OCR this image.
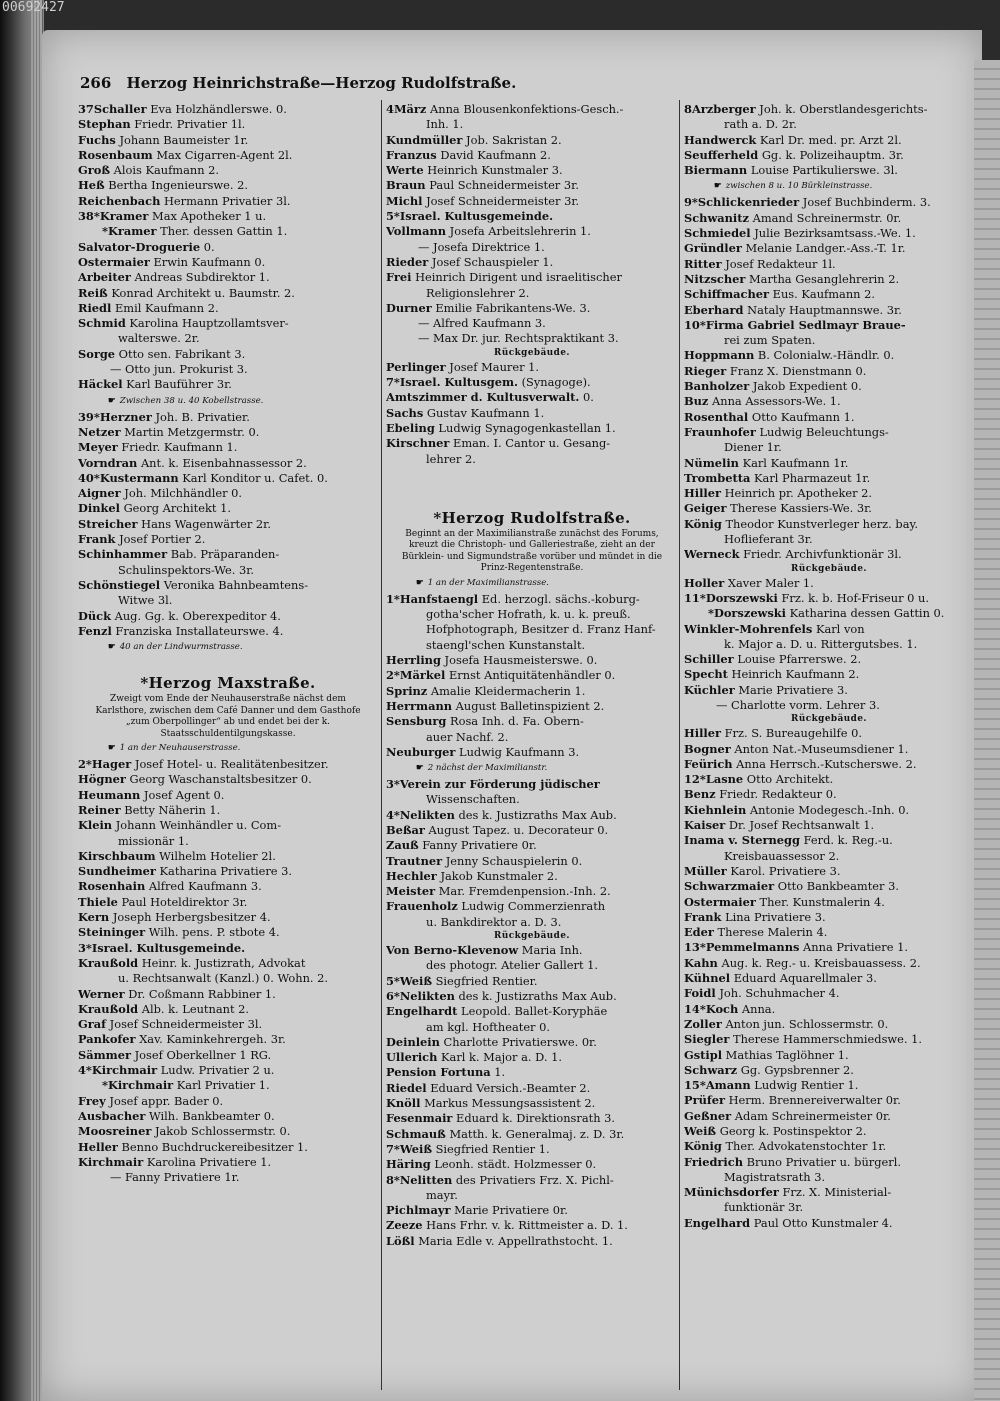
00692427
266 Herzog Heinrichstraße—Herzog Rudolfstraße.
37Schaller Eva Holzhändlerswe. 0.
Stephan Friedr. Privatier 1l.
Fuchs Johann Baumeister 1r.
Rosenbaum Max Cigarren-Agent 2l.
Groß Alois Kaufmann 2.
Heß Bertha Ingenieurswe. 2.
Reichenbach Hermann Privatier 3l.
38*Kramer Max Apotheker 1 u.
*Kramer Ther. dessen Gattin 1.
Salvator-Droguerie 0.
Ostermaier Erwin Kaufmann 0.
Arbeiter Andreas Subdirektor 1.
Reiß Konrad Architekt u. Baumstr. 2.
Riedl Emil Kaufmann 2.
Schmid Karolina Hauptzollamtsver-
walterswe. 2r.
Sorge Otto sen. Fabrikant 3.
— Otto jun. Prokurist 3.
Häckel Karl Bauführer 3r.
☛ Zwischen 38 u. 40 Kobellstrasse.
39*Herzner Joh. B. Privatier.
Netzer Martin Metzgermstr. 0.
Meyer Friedr. Kaufmann 1.
Vorndran Ant. k. Eisenbahnassessor 2.
40*Kustermann Karl Konditor u. Cafet. 0.
Aigner Joh. Milchhändler 0.
Dinkel Georg Architekt 1.
Streicher Hans Wagenwärter 2r.
Frank Josef Portier 2.
Schinhammer Bab. Präparanden-
Schulinspektors-We. 3r.
Schönstiegel Veronika Bahnbeamtens-
Witwe 3l.
Dück Aug. Gg. k. Oberexpeditor 4.
Fenzl Franziska Installateurswe. 4.
☛ 40 an der Lindwurmstrasse.
*Herzog Maxstraße.
Zweigt vom Ende der Neuhauserstraße nächst dem Karlsthore, zwischen dem Café Danner und dem Gasthofe „zum Oberpollinger“ ab und endet bei der k. Staatsschuldentilgungskasse.
☛ 1 an der Neuhauserstrasse.
2*Hager Josef Hotel- u. Realitätenbesitzer.
Högner Georg Waschanstaltsbesitzer 0.
Heumann Josef Agent 0.
Reiner Betty Näherin 1.
Klein Johann Weinhändler u. Com-
missionär 1.
Kirschbaum Wilhelm Hotelier 2l.
Sundheimer Katharina Privatiere 3.
Rosenhain Alfred Kaufmann 3.
Thiele Paul Hoteldirektor 3r.
Kern Joseph Herbergsbesitzer 4.
Steininger Wilh. pens. P. stbote 4.
3*Israel. Kultusgemeinde.
Kraußold Heinr. k. Justizrath, Advokat
u. Rechtsanwalt (Kanzl.) 0. Wohn. 2.
Werner Dr. Coßmann Rabbiner 1.
Kraußold Alb. k. Leutnant 2.
Graf Josef Schneidermeister 3l.
Pankofer Xav. Kaminkehrergeh. 3r.
Sämmer Josef Oberkellner 1 RG.
4*Kirchmair Ludw. Privatier 2 u.
*Kirchmair Karl Privatier 1.
Frey Josef appr. Bader 0.
Ausbacher Wilh. Bankbeamter 0.
Moosreiner Jakob Schlossermstr. 0.
Heller Benno Buchdruckereibesitzer 1.
Kirchmair Karolina Privatiere 1.
— Fanny Privatiere 1r.
4März Anna Blousenkonfektions-Gesch.-
Inh. 1.
Kundmüller Job. Sakristan 2.
Franzus David Kaufmann 2.
Werte Heinrich Kunstmaler 3.
Braun Paul Schneidermeister 3r.
Michl Josef Schneidermeister 3r.
5*Israel. Kultusgemeinde.
Vollmann Josefa Arbeitslehrerin 1.
— Josefa Direktrice 1.
Rieder Josef Schauspieler 1.
Frei Heinrich Dirigent und israelitischer
Religionslehrer 2.
Durner Emilie Fabrikantens-We. 3.
— Alfred Kaufmann 3.
— Max Dr. jur. Rechtspraktikant 3.
Rückgebäude.
Perlinger Josef Maurer 1.
7*Israel. Kultusgem. (Synagoge).
Amtszimmer d. Kultusverwalt. 0.
Sachs Gustav Kaufmann 1.
Ebeling Ludwig Synagogenkastellan 1.
Kirschner Eman. I. Cantor u. Gesang-
lehrer 2.
*Herzog Rudolfstraße.
Beginnt an der Maximilianstraße zunächst des Forums, kreuzt die Christoph- und Galleriestraße, zieht an der Bürklein- und Sigmundstraße vorüber und mündet in die Prinz-Regentenstraße.
☛ 1 an der Maximilianstrasse.
1*Hanfstaengl Ed. herzogl. sächs.-koburg-
gotha'scher Hofrath, k. u. k. preuß.
Hofphotograph, Besitzer d. Franz Hanf-
staengl'schen Kunstanstalt.
Herrling Josefa Hausmeisterswe. 0.
2*Märkel Ernst Antiquitätenhändler 0.
Sprinz Amalie Kleidermacherin 1.
Herrmann August Balletinspizient 2.
Sensburg Rosa Inh. d. Fa. Obern-
auer Nachf. 2.
Neuburger Ludwig Kaufmann 3.
☛ 2 nächst der Maximilianstr.
3*Verein zur Förderung jüdischer
Wissenschaften.
4*Nelikten des k. Justizraths Max Aub.
Beßar August Tapez. u. Decorateur 0.
Zauß Fanny Privatiere 0r.
Trautner Jenny Schauspielerin 0.
Hechler Jakob Kunstmaler 2.
Meister Mar. Fremdenpension.-Inh. 2.
Frauenholz Ludwig Commerzienrath
u. Bankdirektor a. D. 3.
Rückgebäude.
Von Berno-Klevenow Maria Inh.
des photogr. Atelier Gallert 1.
5*Weiß Siegfried Rentier.
6*Nelikten des k. Justizraths Max Aub.
Engelhardt Leopold. Ballet-Koryphäe
am kgl. Hoftheater 0.
Deinlein Charlotte Privatierswe. 0r.
Ullerich Karl k. Major a. D. 1.
Pension Fortuna 1.
Riedel Eduard Versich.-Beamter 2.
Knöll Markus Messungsassistent 2.
Fesenmair Eduard k. Direktionsrath 3.
Schmauß Matth. k. Generalmaj. z. D. 3r.
7*Weiß Siegfried Rentier 1.
Häring Leonh. städt. Holzmesser 0.
8*Nelitten des Privatiers Frz. X. Pichl-
mayr.
Pichlmayr Marie Privatiere 0r.
Zeeze Hans Frhr. v. k. Rittmeister a. D. 1.
Lößl Maria Edle v. Appellrathstocht. 1.
8Arzberger Joh. k. Oberstlandesgerichts-
rath a. D. 2r.
Handwerck Karl Dr. med. pr. Arzt 2l.
Seufferheld Gg. k. Polizeihauptm. 3r.
Biermann Louise Partikulierswe. 3l.
☛ zwischen 8 u. 10 Bürkleinstrasse.
9*Schlickenrieder Josef Buchbinderm. 3.
Schwanitz Amand Schreinermstr. 0r.
Schmiedel Julie Bezirksamtsass.-We. 1.
Gründler Melanie Landger.-Ass.-T. 1r.
Ritter Josef Redakteur 1l.
Nitzscher Martha Gesanglehrerin 2.
Schiffmacher Eus. Kaufmann 2.
Eberhard Nataly Hauptmannswe. 3r.
10*Firma Gabriel Sedlmayr Braue-
rei zum Spaten.
Hoppmann B. Colonialw.-Händlr. 0.
Rieger Franz X. Dienstmann 0.
Banholzer Jakob Expedient 0.
Buz Anna Assessors-We. 1.
Rosenthal Otto Kaufmann 1.
Fraunhofer Ludwig Beleuchtungs-
Diener 1r.
Nümelin Karl Kaufmann 1r.
Trombetta Karl Pharmazeut 1r.
Hiller Heinrich pr. Apotheker 2.
Geiger Therese Kassiers-We. 3r.
König Theodor Kunstverleger herz. bay.
Hoflieferant 3r.
Werneck Friedr. Archivfunktionär 3l.
Rückgebäude.
Holler Xaver Maler 1.
11*Dorszewski Frz. k. b. Hof-Friseur 0 u.
*Dorszewski Katharina dessen Gattin 0.
Winkler-Mohrenfels Karl von
k. Major a. D. u. Rittergutsbes. 1.
Schiller Louise Pfarrerswe. 2.
Specht Heinrich Kaufmann 2.
Küchler Marie Privatiere 3.
— Charlotte vorm. Lehrer 3.
Rückgebäude.
Hiller Frz. S. Bureaugehilfe 0.
Bogner Anton Nat.-Museumsdiener 1.
Feürich Anna Herrsch.-Kutscherswe. 2.
12*Lasne Otto Architekt.
Benz Friedr. Redakteur 0.
Kiehnlein Antonie Modegesch.-Inh. 0.
Kaiser Dr. Josef Rechtsanwalt 1.
Inama v. Sternegg Ferd. k. Reg.-u.
Kreisbauassessor 2.
Müller Karol. Privatiere 3.
Schwarzmaier Otto Bankbeamter 3.
Ostermaier Ther. Kunstmalerin 4.
Frank Lina Privatiere 3.
Eder Therese Malerin 4.
13*Pemmelmanns Anna Privatiere 1.
Kahn Aug. k. Reg.- u. Kreisbauassess. 2.
Kühnel Eduard Aquarellmaler 3.
Foidl Joh. Schuhmacher 4.
14*Koch Anna.
Zoller Anton jun. Schlossermstr. 0.
Siegler Therese Hammerschmiedswe. 1.
Gstipl Mathias Taglöhner 1.
Schwarz Gg. Gypsbrenner 2.
15*Amann Ludwig Rentier 1.
Prüfer Herm. Brennereiverwalter 0r.
Geßner Adam Schreinermeister 0r.
Weiß Georg k. Postinspektor 2.
König Ther. Advokatenstochter 1r.
Friedrich Bruno Privatier u. bürgerl.
Magistratsrath 3.
Münichsdorfer Frz. X. Ministerial-
funktionär 3r.
Engelhard Paul Otto Kunstmaler 4.
